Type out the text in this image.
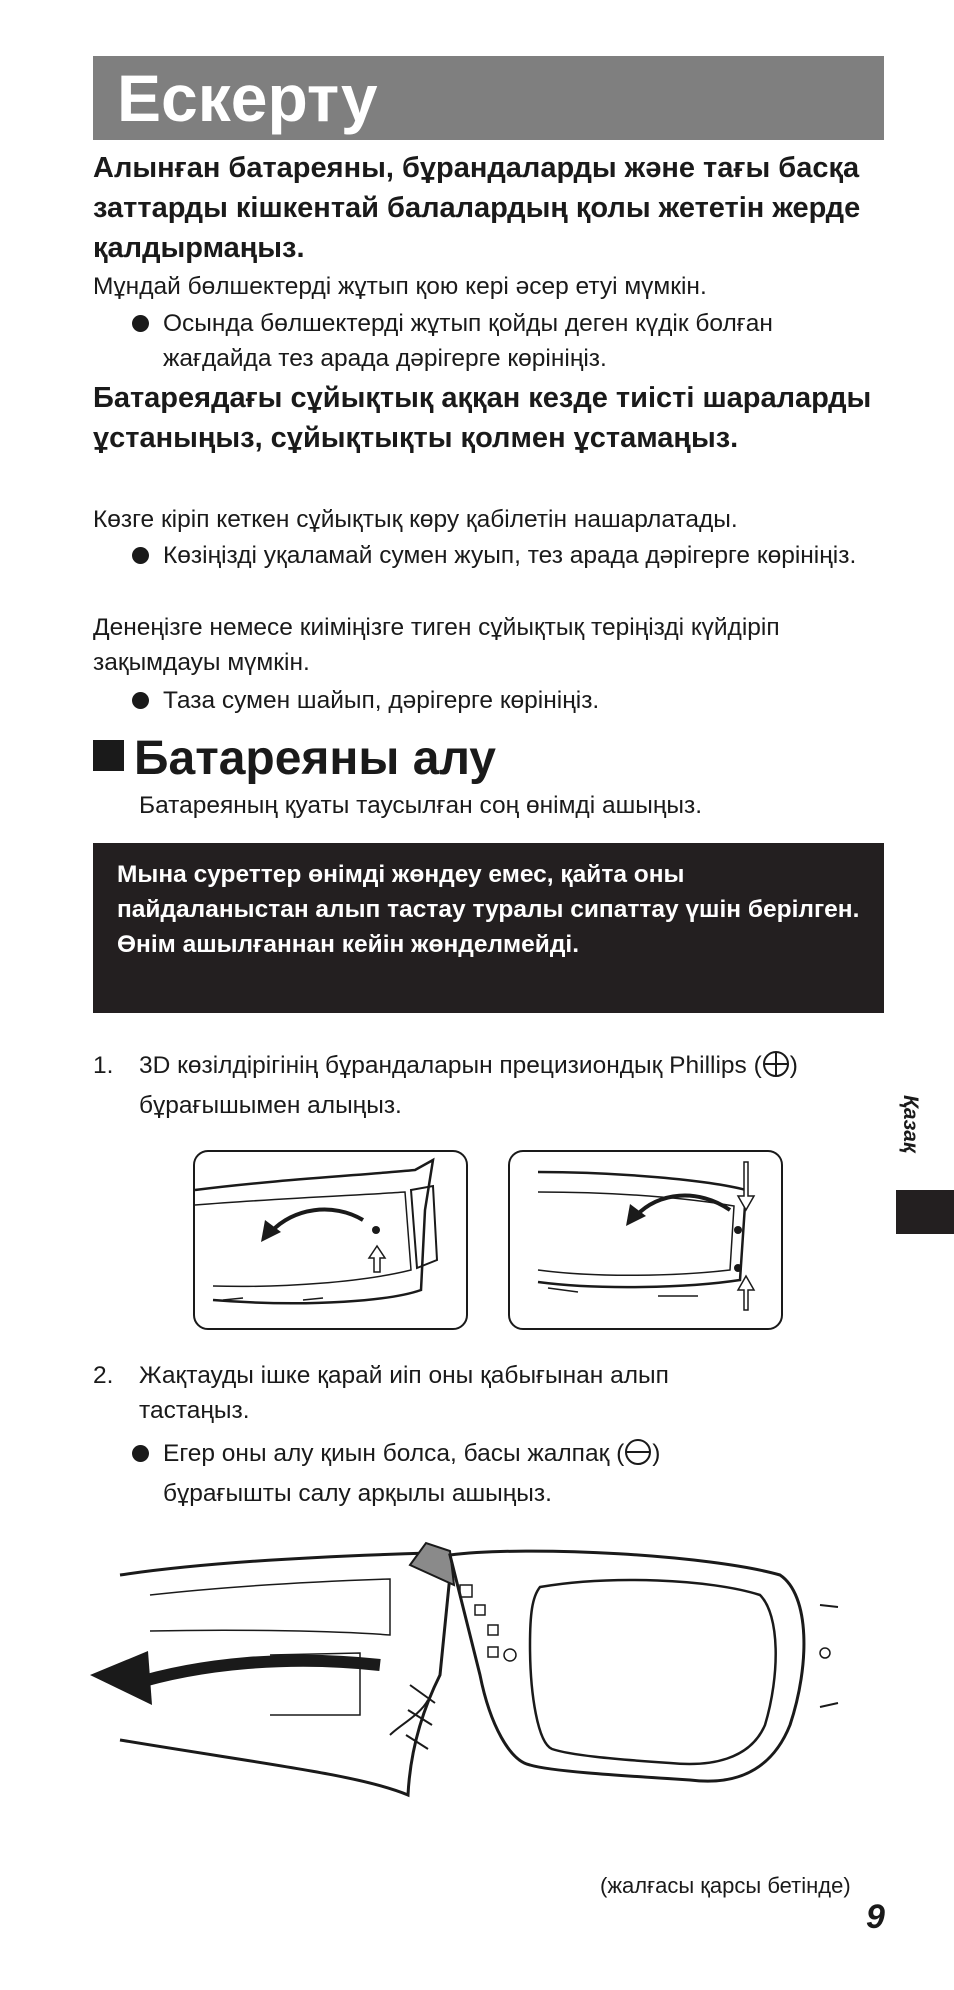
Ескерту
Алынған батареяны, бұрандаларды және тағы басқа заттарды кішкентай балалардың қолы жететін жерде қалдырмаңыз.
Мұндай бөлшектерді жұтып қою кері әсер етуі мүмкін.
Осында бөлшектерді жұтып қойды деген күдік болған жағдайда тез арада дәрігерге көрініңіз.
Батареядағы сұйықтық аққан кезде тиісті шараларды ұстаныңыз, сұйықтықты қолмен ұстамаңыз.
Көзге кіріп кеткен сұйықтық көру қабілетін нашарлатады.
Көзіңізді уқаламай сумен жуып, тез арада дәрігерге көрініңіз.
Денеңізге немесе киіміңізге тиген сұйықтық теріңізді күйдіріп зақымдауы мүмкін.
Таза сумен шайып, дәрігерге көрініңіз.
Батареяны алу
Батареяның қуаты таусылған соң өнімді ашыңыз.
Мына суреттер өнімді жөндеу емес, қайта оны пайдаланыстан алып тастау туралы сипаттау үшін берілген.
Өнім ашылғаннан кейін жөнделмейді.
1. 3D көзілдірігінің бұрандаларын прецизиондық Phillips ( ) бұрағышымен алыңыз.	Қазақ
2. Жақтауды ішке қарай иіп оны қабығынан алып тастаңыз.
Егер оны алу қиын болса, басы жалпақ ( ) бұрағышты салу арқылы ашыңыз.
(жалғасы қарсы бетінде)
9
